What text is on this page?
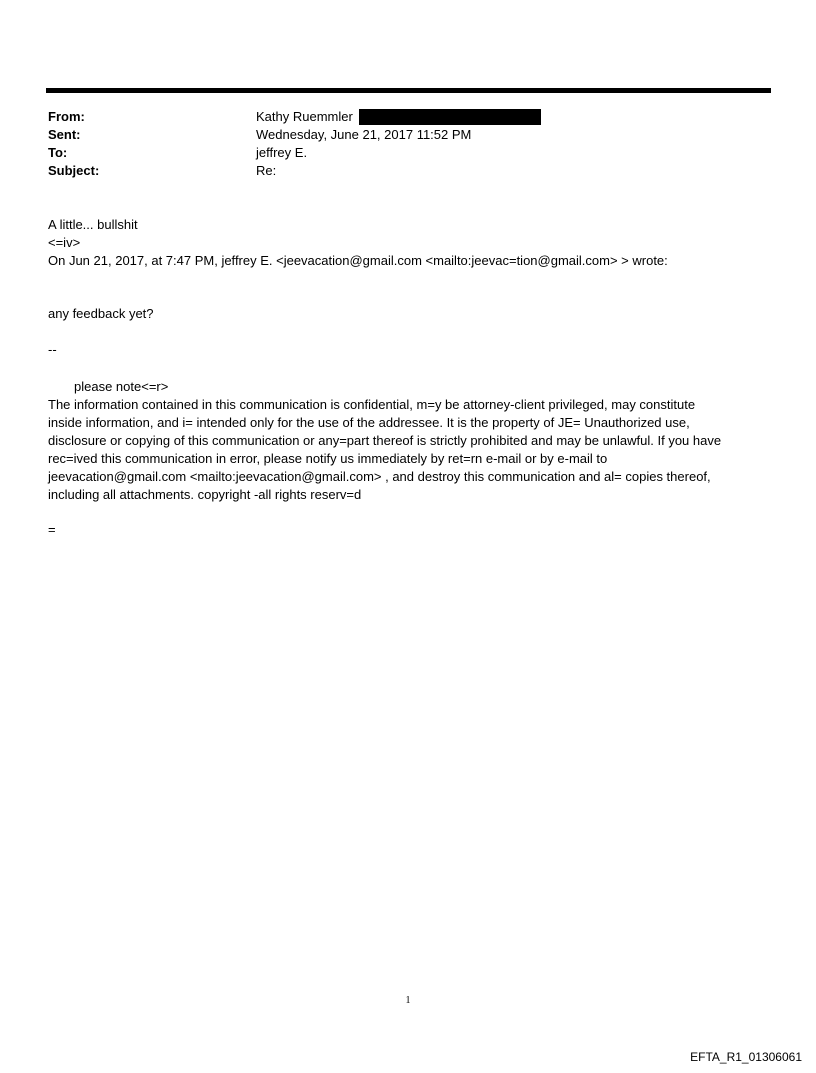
From:	Kathy Ruemmler
Sent:	Wednesday, June 21, 2017 11:52 PM
To:	jeffrey E.
Subject:	Re:
A little... bullshit
<=iv>
On Jun 21, 2017, at 7:47 PM, jeffrey E. <jeevacation@gmail.com <mailto:jeevac=tion@gmail.com> > wrote:
any feedback yet?
--
please note<=r>
The information contained in this communication is confidential, m=y be attorney-client privileged, may constitute
inside information, and i= intended only for the use of the addressee. It is the property of JE= Unauthorized use,
disclosure or copying of this communication or any=part thereof is strictly prohibited and may be unlawful. If you have
rec=ived this communication in error, please notify us immediately by ret=rn e-mail or by e-mail to
jeevacation@gmail.com <mailto:jeevacation@gmail.com> , and destroy this communication and al= copies thereof,
including all attachments. copyright -all rights reserv=d
=
1
EFTA_R1_01306061
